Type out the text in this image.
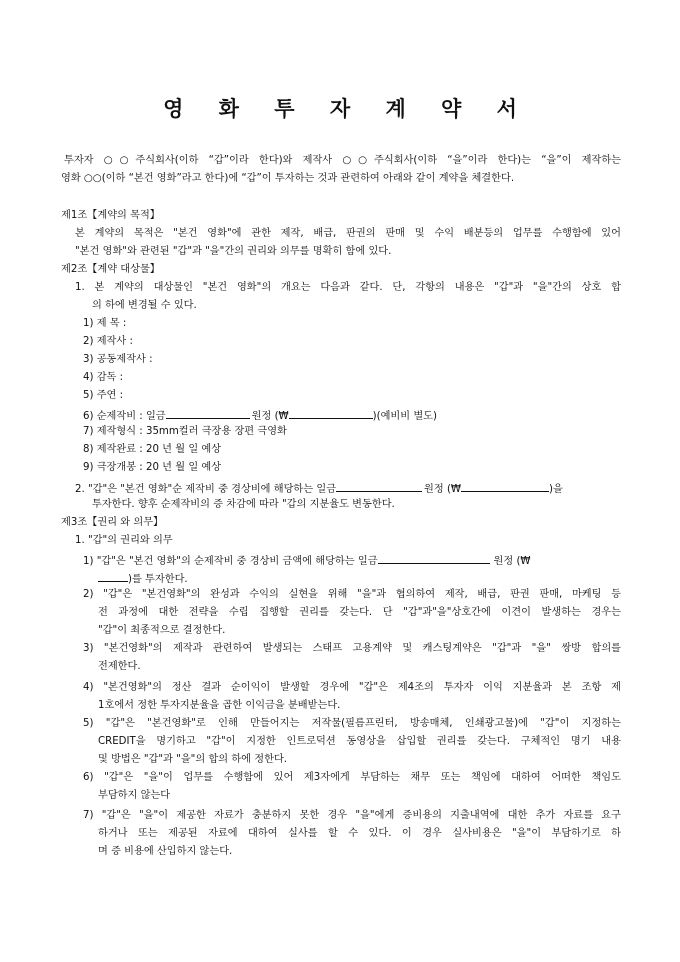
영 화 투 자 계 약 서
투자자 ○○주식회사(이하 “갑”이라 한다)와 제작사 ○○주식회사(이하 “을”이라 한다)는 “을”이 제작하는
영화 ○○(이하 “본건 영화”라고 한다)에 “갑”이 투자하는 것과 관련하여 아래와 같이 계약을 체결한다.
제1조【계약의 목적】
본 계약의 목적은 "본건 영화"에 관한 제작, 배급, 판권의 판매 및 수익 배분등의 업무를 수행함에 있어
"본건 영화"와 관련된 "갑"과 "을"간의 권리와 의무를 명확히 함에 있다.
제2조【계약 대상물】
1. 본 계약의 대상물인 "본건 영화"의 개요는 다음과 같다. 단, 각항의 내용은 "갑"과 "을"간의 상호 합
의 하에 변경될 수 있다.
1) 제 목 :
2) 제작사 :
3) 공동제작사 :
4) 감독 :
5) 주연 :
6) 순제작비 : 일금	원정 (₩	)(예비비 별도)
7) 제작형식 : 35mm컬러 극장용 장편 극영화
8) 제작완료 : 20 년 월 일 예상
9) 극장개봉 : 20 년 월 일 예상
2. "갑"은 "본건 영화"순 제작비 중 경상비에 해당하는 일금	원정 (₩	)을
투자한다. 향후 순제작비의 증 차감에 따라 "갑의 지분율도 변동한다.
제3조【권리 와 의무】
1. "갑"의 권리와 의무
1) "갑"은 "본건 영화"의 순제작비 중 경상비 금액에 해당하는 일금	원정 (₩
)를 투자한다.
2) "갑"은 "본건영화"의 완성과 수익의 실현을 위해 "을"과 협의하여 제작, 배급, 판권 판매, 마케팅 등
전 과정에 대한 전략을 수립 집행할 권리를 갖는다. 단 "갑"과"을"상호간에 이견이 발생하는 경우는
"갑"이 최종적으로 결정한다.
3) "본건영화"의 제작과 관련하여 발생되는 스태프 고용계약 및 캐스팅계약은 "갑"과 "을" 쌍방 합의를
전제한다.
4) "본건영화"의 정산 결과 순이익이 발생할 경우에 "갑"은 제4조의 투자자 이익 지분율과 본 조항 제
1호에서 정한 투자지분율을 곱한 이익금을 분배받는다.
5) "갑"은 "본건영화"로 인해 만들어지는 저작물(필름프린터, 방송매체, 인쇄광고물)에 "갑"이 지정하는
CREDIT을 명기하고 "갑"이 지정한 인트로덕션 동영상을 삽입할 권리를 갖는다. 구체적인 명기 내용
및 방법은 "갑"과 "을"의 합의 하에 정한다.
6) "갑"은 "을"이 업무를 수행함에 있어 제3자에게 부담하는 채무 또는 책임에 대하여 어떠한 책임도
부담하지 않는다
7) "갑"은 "을"이 제공한 자료가 충분하지 못한 경우 "을"에게 증비용의 지출내역에 대한 추가 자료를 요구
하거나 또는 제공된 자료에 대하여 실사를 할 수 있다. 이 경우 실사비용은 "을"이 부담하기로 하
며 증 비용에 산입하지 않는다.
